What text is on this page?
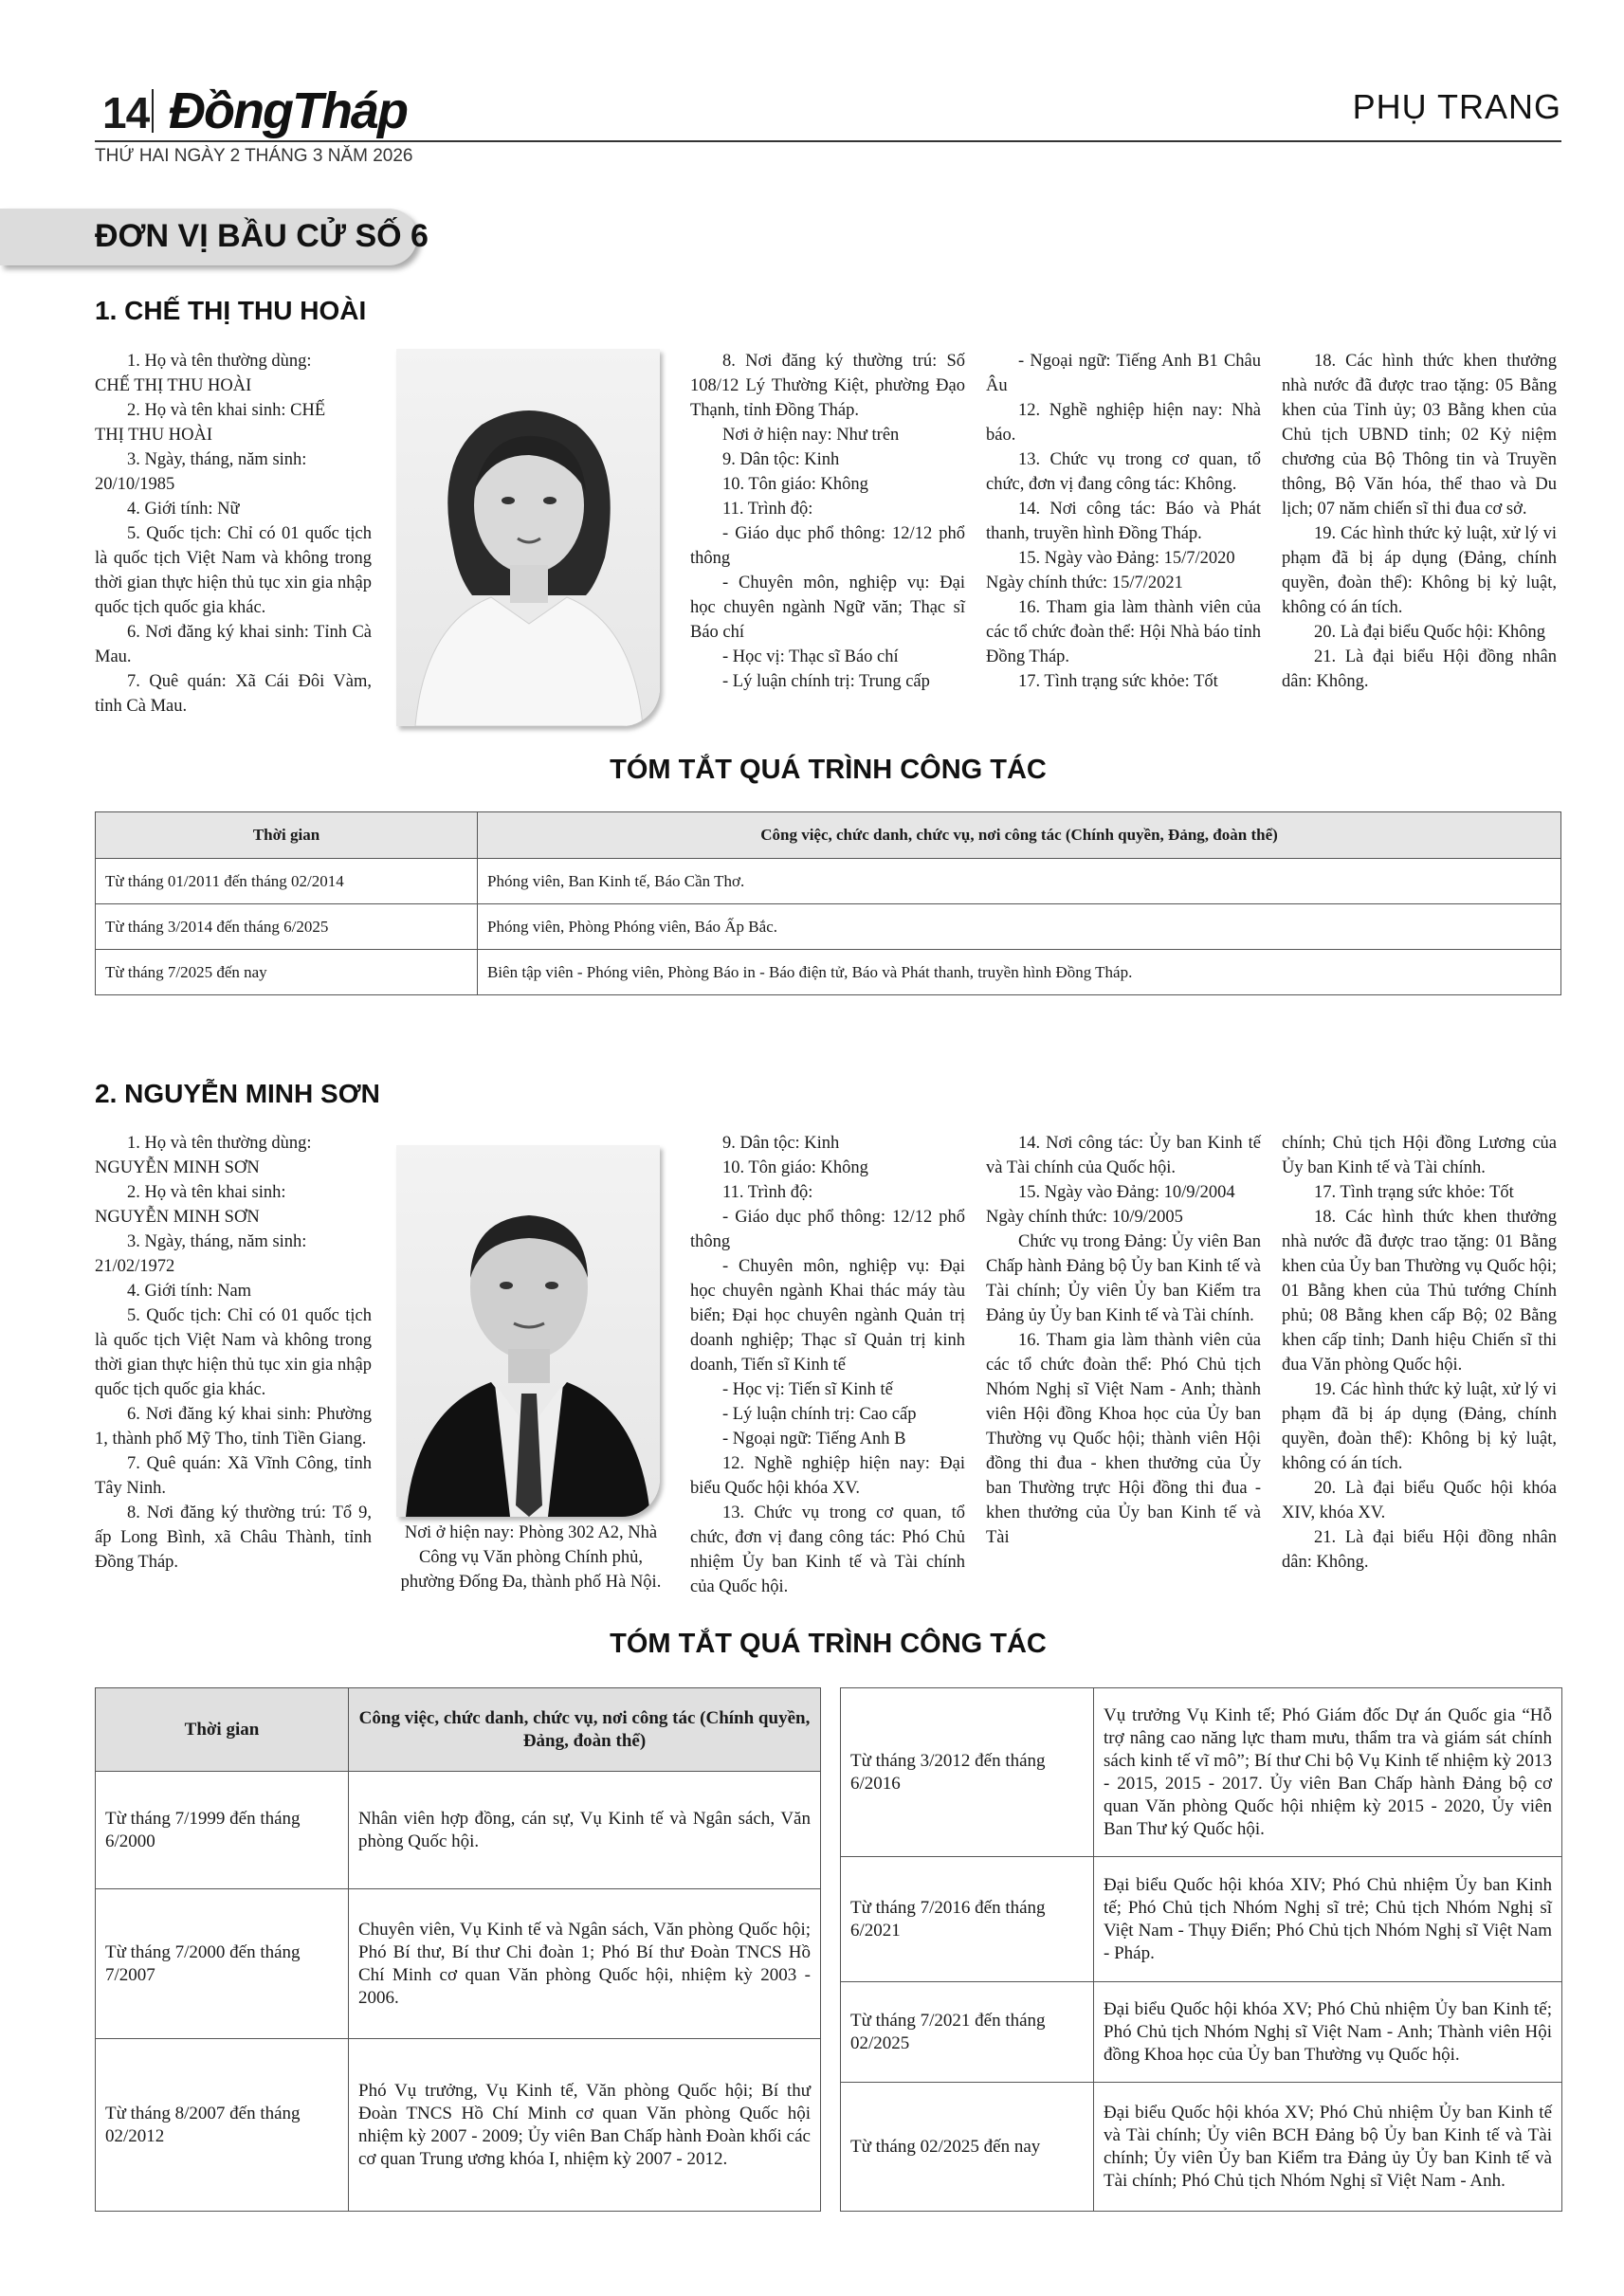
14 ĐồngTháp	PHỤ TRANG
THỨ HAI NGÀY 2 THÁNG 3 NĂM 2026
ĐƠN VỊ BẦU CỬ SỐ 6
1. CHẾ THỊ THU HOÀI

1. Họ và tên thường dùng:

CHẾ THỊ THU HOÀI

2. Họ và tên khai sinh: CHẾ

THỊ THU HOÀI

3. Ngày, tháng, năm sinh:

20/10/1985

4. Giới tính: Nữ

5. Quốc tịch: Chỉ có 01 quốc tịch là quốc tịch Việt Nam và không trong thời gian thực hiện thủ tục xin gia nhập quốc tịch quốc gia khác.

6. Nơi đăng ký khai sinh: Tỉnh Cà Mau.

7. Quê quán: Xã Cái Đôi Vàm, tỉnh Cà Mau.

8. Nơi đăng ký thường trú: Số 108/12 Lý Thường Kiệt, phường Đạo Thạnh, tỉnh Đồng Tháp.

Nơi ở hiện nay: Như trên

9. Dân tộc: Kinh

10. Tôn giáo: Không

11. Trình độ:

- Giáo dục phổ thông: 12/12 phổ thông

- Chuyên môn, nghiệp vụ: Đại học chuyên ngành Ngữ văn; Thạc sĩ Báo chí

- Học vị: Thạc sĩ Báo chí

- Lý luận chính trị: Trung cấp

- Ngoại ngữ: Tiếng Anh B1 Châu Âu

12. Nghề nghiệp hiện nay: Nhà báo.

13. Chức vụ trong cơ quan, tổ chức, đơn vị đang công tác: Không.

14. Nơi công tác: Báo và Phát thanh, truyền hình Đồng Tháp.

15. Ngày vào Đảng: 15/7/2020

Ngày chính thức: 15/7/2021

16. Tham gia làm thành viên của các tổ chức đoàn thể: Hội Nhà báo tỉnh Đồng Tháp.

17. Tình trạng sức khỏe: Tốt

18. Các hình thức khen thưởng nhà nước đã được trao tặng: 05 Bằng khen của Tỉnh ủy; 03 Bằng khen của Chủ tịch UBND tỉnh; 02 Kỷ niệm chương của Bộ Thông tin và Truyền thông, Bộ Văn hóa, thể thao và Du lịch; 07 năm chiến sĩ thi đua cơ sở.

19. Các hình thức kỷ luật, xử lý vi phạm đã bị áp dụng (Đảng, chính quyền, đoàn thể): Không bị kỷ luật, không có án tích.

20. Là đại biểu Quốc hội: Không

21. Là đại biểu Hội đồng nhân dân: Không.

TÓM TẮT QUÁ TRÌNH CÔNG TÁC
Thời gian	Công việc, chức danh, chức vụ, nơi công tác (Chính quyền, Đảng, đoàn thể)
Từ tháng 01/2011 đến tháng 02/2014	Phóng viên, Ban Kinh tế, Báo Cần Thơ.
Từ tháng 3/2014 đến tháng 6/2025	Phóng viên, Phòng Phóng viên, Báo Ấp Bắc.
Từ tháng 7/2025 đến nay	Biên tập viên - Phóng viên, Phòng Báo in - Báo điện tử, Báo và Phát thanh, truyền hình Đồng Tháp.
2. NGUYỄN MINH SƠN

1. Họ và tên thường dùng:

NGUYỄN MINH SƠN

2. Họ và tên khai sinh:

NGUYỄN MINH SƠN

3. Ngày, tháng, năm sinh:

21/02/1972

4. Giới tính: Nam

5. Quốc tịch: Chỉ có 01 quốc tịch là quốc tịch Việt Nam và không trong thời gian thực hiện thủ tục xin gia nhập quốc tịch quốc gia khác.

6. Nơi đăng ký khai sinh: Phường 1, thành phố Mỹ Tho, tỉnh Tiền Giang.

7. Quê quán: Xã Vĩnh Công, tỉnh Tây Ninh.

8. Nơi đăng ký thường trú: Tổ 9, ấp Long Bình, xã Châu Thành, tỉnh Đồng Tháp.

Nơi ở hiện nay: Phòng 302 A2, Nhà Công vụ Văn phòng Chính phủ, phường Đống Đa, thành phố Hà Nội.

9. Dân tộc: Kinh

10. Tôn giáo: Không

11. Trình độ:

- Giáo dục phổ thông: 12/12 phổ thông

- Chuyên môn, nghiệp vụ: Đại học chuyên ngành Khai thác máy tàu biển; Đại học chuyên ngành Quản trị doanh nghiệp; Thạc sĩ Quản trị kinh doanh, Tiến sĩ Kinh tế

- Học vị: Tiến sĩ Kinh tế

- Lý luận chính trị: Cao cấp

- Ngoại ngữ: Tiếng Anh B

12. Nghề nghiệp hiện nay: Đại biểu Quốc hội khóa XV.

13. Chức vụ trong cơ quan, tổ chức, đơn vị đang công tác: Phó Chủ nhiệm Ủy ban Kinh tế và Tài chính của Quốc hội.

14. Nơi công tác: Ủy ban Kinh tế và Tài chính của Quốc hội.

15. Ngày vào Đảng: 10/9/2004

Ngày chính thức: 10/9/2005

Chức vụ trong Đảng: Ủy viên Ban Chấp hành Đảng bộ Ủy ban Kinh tế và Tài chính; Ủy viên Ủy ban Kiểm tra Đảng ủy Ủy ban Kinh tế và Tài chính.

16. Tham gia làm thành viên của các tổ chức đoàn thể: Phó Chủ tịch Nhóm Nghị sĩ Việt Nam - Anh; thành viên Hội đồng Khoa học của Ủy ban Thường vụ Quốc hội; thành viên Hội đồng thi đua - khen thưởng của Ủy ban Thường trực Hội đồng thi đua - khen thưởng của Ủy ban Kinh tế và Tài

chính; Chủ tịch Hội đồng Lương của Ủy ban Kinh tế và Tài chính.

17. Tình trạng sức khỏe: Tốt

18. Các hình thức khen thưởng nhà nước đã được trao tặng: 01 Bằng khen của Ủy ban Thường vụ Quốc hội; 01 Bằng khen của Thủ tướng Chính phủ; 08 Bằng khen cấp Bộ; 02 Bằng khen cấp tỉnh; Danh hiệu Chiến sĩ thi đua Văn phòng Quốc hội.

19. Các hình thức kỷ luật, xử lý vi phạm đã bị áp dụng (Đảng, chính quyền, đoàn thể): Không bị kỷ luật, không có án tích.

20. Là đại biểu Quốc hội khóa XIV, khóa XV.

21. Là đại biểu Hội đồng nhân dân: Không.

TÓM TẮT QUÁ TRÌNH CÔNG TÁC
Thời gian	Công việc, chức danh, chức vụ, nơi công tác (Chính quyền, Đảng, đoàn thể)
Từ tháng 7/1999 đến tháng 6/2000	Nhân viên hợp đồng, cán sự, Vụ Kinh tế và Ngân sách, Văn phòng Quốc hội.
Từ tháng 7/2000 đến tháng 7/2007	Chuyên viên, Vụ Kinh tế và Ngân sách, Văn phòng Quốc hội; Phó Bí thư, Bí thư Chi đoàn 1; Phó Bí thư Đoàn TNCS Hồ Chí Minh cơ quan Văn phòng Quốc hội, nhiệm kỳ 2003 - 2006.
Từ tháng 8/2007 đến tháng 02/2012	Phó Vụ trưởng, Vụ Kinh tế, Văn phòng Quốc hội; Bí thư Đoàn TNCS Hồ Chí Minh cơ quan Văn phòng Quốc hội nhiệm kỳ 2007 - 2009; Ủy viên Ban Chấp hành Đoàn khối các cơ quan Trung ương khóa I, nhiệm kỳ 2007 - 2012.
Từ tháng 3/2012 đến tháng 6/2016	Vụ trưởng Vụ Kinh tế; Phó Giám đốc Dự án Quốc gia “Hỗ trợ nâng cao năng lực tham mưu, thẩm tra và giám sát chính sách kinh tế vĩ mô”; Bí thư Chi bộ Vụ Kinh tế nhiệm kỳ 2013 - 2015, 2015 - 2017. Ủy viên Ban Chấp hành Đảng bộ cơ quan Văn phòng Quốc hội nhiệm kỳ 2015 - 2020, Ủy viên Ban Thư ký Quốc hội.
Từ tháng 7/2016 đến tháng 6/2021	Đại biểu Quốc hội khóa XIV; Phó Chủ nhiệm Ủy ban Kinh tế; Phó Chủ tịch Nhóm Nghị sĩ trẻ; Chủ tịch Nhóm Nghị sĩ Việt Nam - Thụy Điển; Phó Chủ tịch Nhóm Nghị sĩ Việt Nam - Pháp.
Từ tháng 7/2021 đến tháng 02/2025	Đại biểu Quốc hội khóa XV; Phó Chủ nhiệm Ủy ban Kinh tế; Phó Chủ tịch Nhóm Nghị sĩ Việt Nam - Anh; Thành viên Hội đồng Khoa học của Ủy ban Thường vụ Quốc hội.
Từ tháng 02/2025 đến nay	Đại biểu Quốc hội khóa XV; Phó Chủ nhiệm Ủy ban Kinh tế và Tài chính; Ủy viên BCH Đảng bộ Ủy ban Kinh tế và Tài chính; Ủy viên Ủy ban Kiểm tra Đảng ủy Ủy ban Kinh tế và Tài chính; Phó Chủ tịch Nhóm Nghị sĩ Việt Nam - Anh.
